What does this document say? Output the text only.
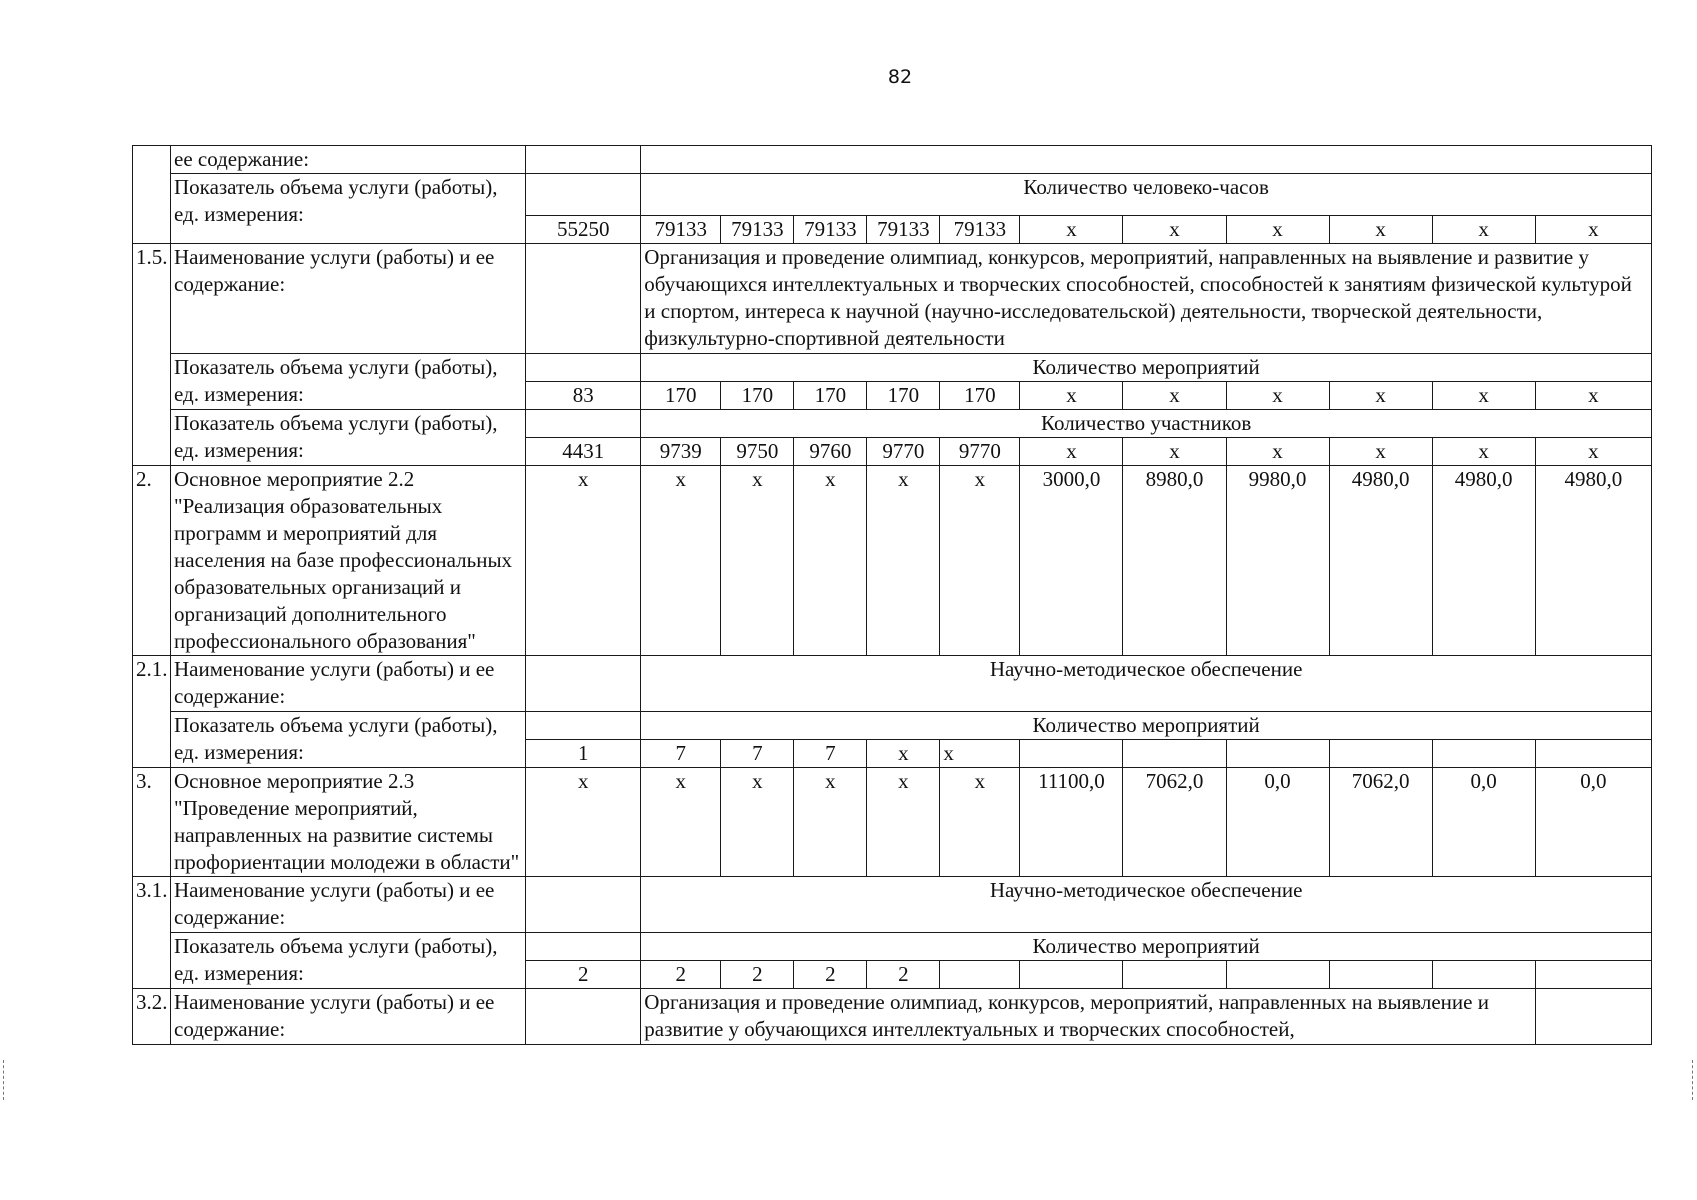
82
	ее содержание:												
	Показатель объема услуги (работы), ед. измерения:		Количество человеко-часов										
		55250	79133	79133	79133	79133	79133	х	х	х	х	х	х
1.5.	Наименование услуги (работы) и ее содержание:		Организация и проведение олимпиад, конкурсов, мероприятий, направленных на выявление и развитие у обучающихся интеллектуальных и творческих способностей, способностей к занятиям физической культурой и спортом, интереса к научной (научно-исследовательской) деятельности, творческой деятельности, физкультурно-спортивной деятельности										
	Показатель объема услуги (работы), ед. измерения:		Количество мероприятий										
		83	170	170	170	170	170	х	х	х	х	х	х
	Показатель объема услуги (работы), ед. измерения:		Количество участников										
		4431	9739	9750	9760	9770	9770	х	х	х	х	х	х
2.	Основное мероприятие 2.2 "Реализация образовательных программ и мероприятий для населения на базе профессиональных образовательных организаций и организаций дополнительного профессионального образования"	х	х	х	х	х	х	3000,0	8980,0	9980,0	4980,0	4980,0	4980,0
2.1.	Наименование услуги (работы) и ее содержание:		Научно-методическое обеспечение										
	Показатель объема услуги (работы), ед. измерения:		Количество мероприятий										
		1	7	7	7	х	х						
3.	Основное мероприятие 2.3 "Проведение мероприятий, направленных на развитие системы профориентации молодежи в области"	х	х	х	х	х	х	11100,0	7062,0	0,0	7062,0	0,0	0,0
3.1.	Наименование услуги (работы) и ее содержание:		Научно-методическое обеспечение										
	Показатель объема услуги (работы), ед. измерения:		Количество мероприятий										
		2	2	2	2	2							
3.2.	Наименование услуги (работы) и ее содержание:		Организация и проведение олимпиад, конкурсов, мероприятий, направленных на выявление и развитие у обучающихся интеллектуальных и творческих способностей,										
